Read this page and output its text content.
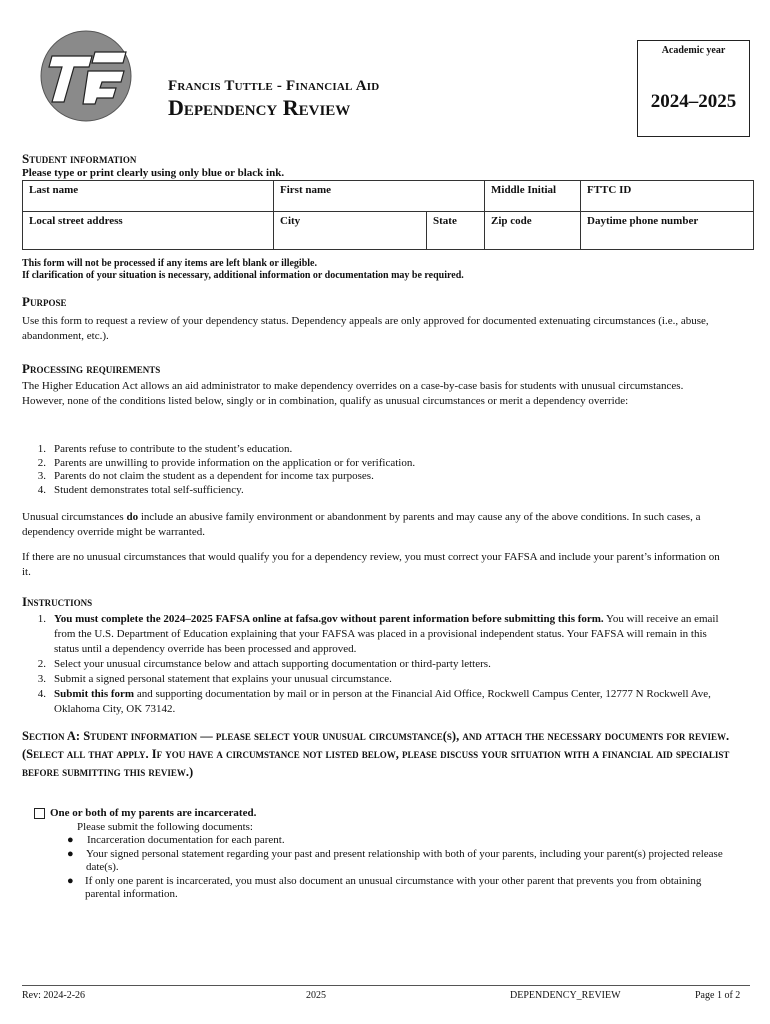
Francis Tuttle - Financial Aid
Dependency Review
Academic year
2024–2025
Student information
Please type or print clearly using only blue or black ink.
Last name	First name		Middle Initial	FTTC ID
Local street address	City	State	Zip code	Daytime phone number
This form will not be processed if any items are left blank or illegible.
If clarification of your situation is necessary, additional information or documentation may be required.
Purpose

Use this form to request a review of your dependency status. Dependency appeals are only approved for documented extenuating circumstances (i.e., abuse, abandonment, etc.).

Processing requirements

The Higher Education Act allows an aid administrator to make dependency overrides on a case-by-case basis for students with unusual circumstances. However, none of the conditions listed below, singly or in combination, qualify as unusual circumstances or merit a dependency override:

1. Parents refuse to contribute to the student’s education.
2. Parents are unwilling to provide information on the application or for verification.
3. Parents do not claim the student as a dependent for income tax purposes.
4. Student demonstrates total self-sufficiency.

Unusual circumstances do include an abusive family environment or abandonment by parents and may cause any of the above conditions. In such cases, a dependency override might be warranted.

If there are no unusual circumstances that would qualify you for a dependency review, you must correct your FAFSA and include your parent’s information on it.

Instructions
1. You must complete the 2024–2025 FAFSA online at fafsa.gov without parent information before submitting this form. You will receive an email from the U.S. Department of Education explaining that your FAFSA was placed in a provisional independent status. Your FAFSA will remain in this status until a dependency override has been processed and approved.
2. Select your unusual circumstance below and attach supporting documentation or third-party letters.
3. Submit a signed personal statement that explains your unusual circumstance.
4. Submit this form and supporting documentation by mail or in person at the Financial Aid Office, Rockwell Campus Center, 12777 N Rockwell Ave, Oklahoma City, OK 73142.
Section A: Student information — please select your unusual circumstance(s), and attach the necessary documents for review. (Select all that apply. If you have a circumstance not listed below, please discuss your situation with a financial aid specialist before submitting this review.)
One or both of my parents are incarcerated.
Please submit the following documents:
●	Incarceration documentation for each parent.
●	Your signed personal statement regarding your past and present relationship with both of your parents, including your parent(s) projected release date(s).
●	If only one parent is incarcerated, you must also document an unusual circumstance with your other parent that prevents you from obtaining parental information.
Rev: 2024-2-26	2025	DEPENDENCY_REVIEW	Page 1 of 2
